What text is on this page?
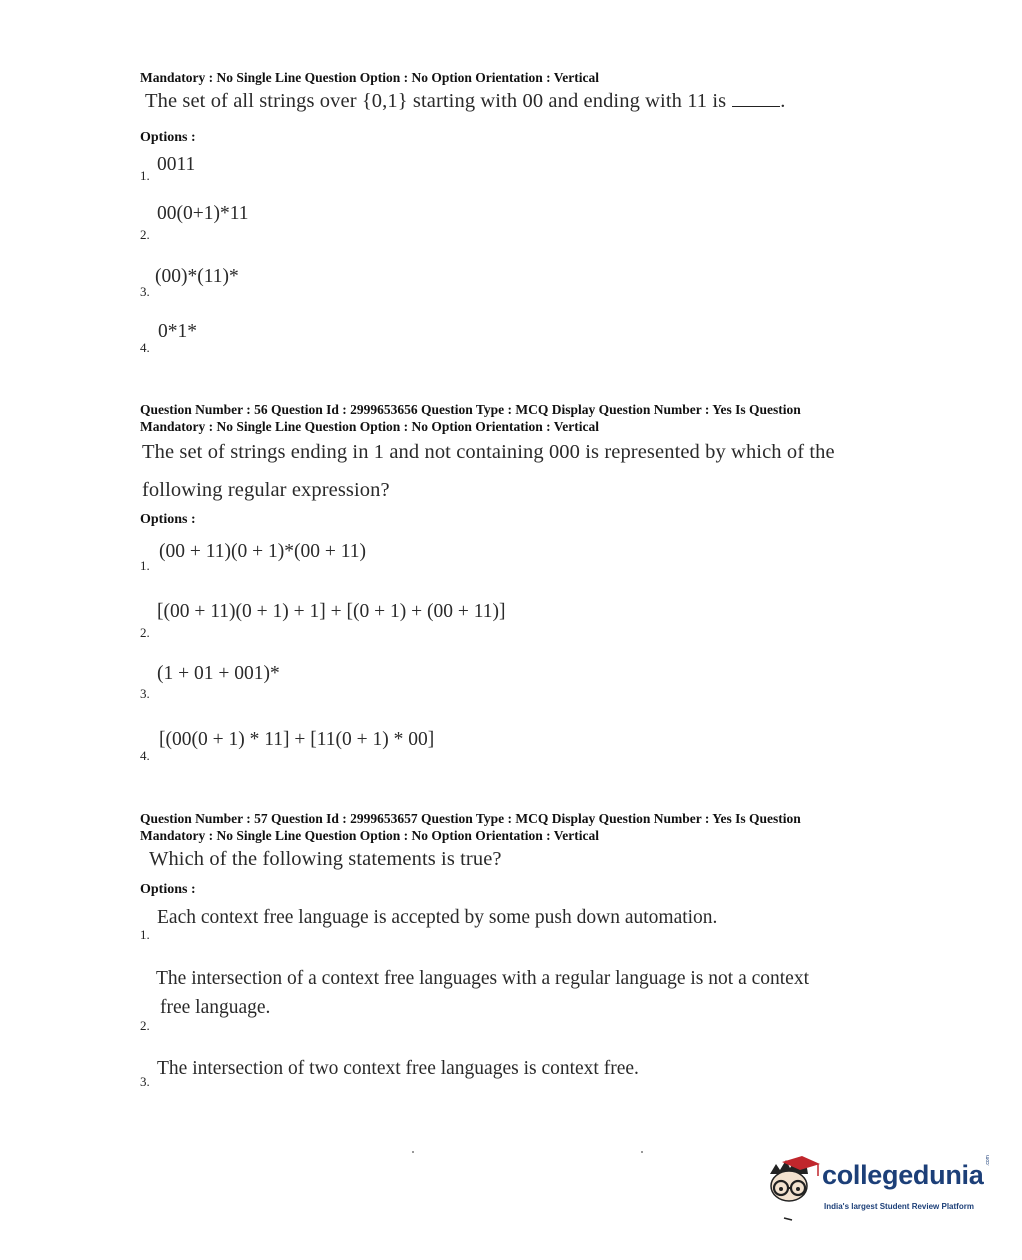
Mandatory : No Single Line Question Option : No Option Orientation : Vertical
The set of all strings over {0,1} starting with 00 and ending with 11 is	.
Options :
1.
0011
2.
00(0+1)*11
3.
(00)*(11)*
4.
0*1*
Question Number : 56 Question Id : 2999653656 Question Type : MCQ Display Question Number : Yes Is Question
Mandatory : No Single Line Question Option : No Option Orientation : Vertical
The set of strings ending in 1 and not containing 000 is represented by which of the
following regular expression?
Options :
1.
(00 + 11)(0 + 1)*(00 + 11)
2.
[(00 + 11)(0 + 1) + 1] + [(0 + 1) + (00 + 11)]
3.
(1 + 01 + 001)*
4.
[(00(0 + 1) * 11] + [11(0 + 1) * 00]
Question Number : 57 Question Id : 2999653657 Question Type : MCQ Display Question Number : Yes Is Question
Mandatory : No Single Line Question Option : No Option Orientation : Vertical
Which of the following statements is true?
Options :
1.
Each context free language is accepted by some push down automation.
2.
The intersection of a context free languages with a regular language is not a context
free language.
3.
The intersection of two context free languages is context free.
collegedunia .com
India's largest Student Review Platform
